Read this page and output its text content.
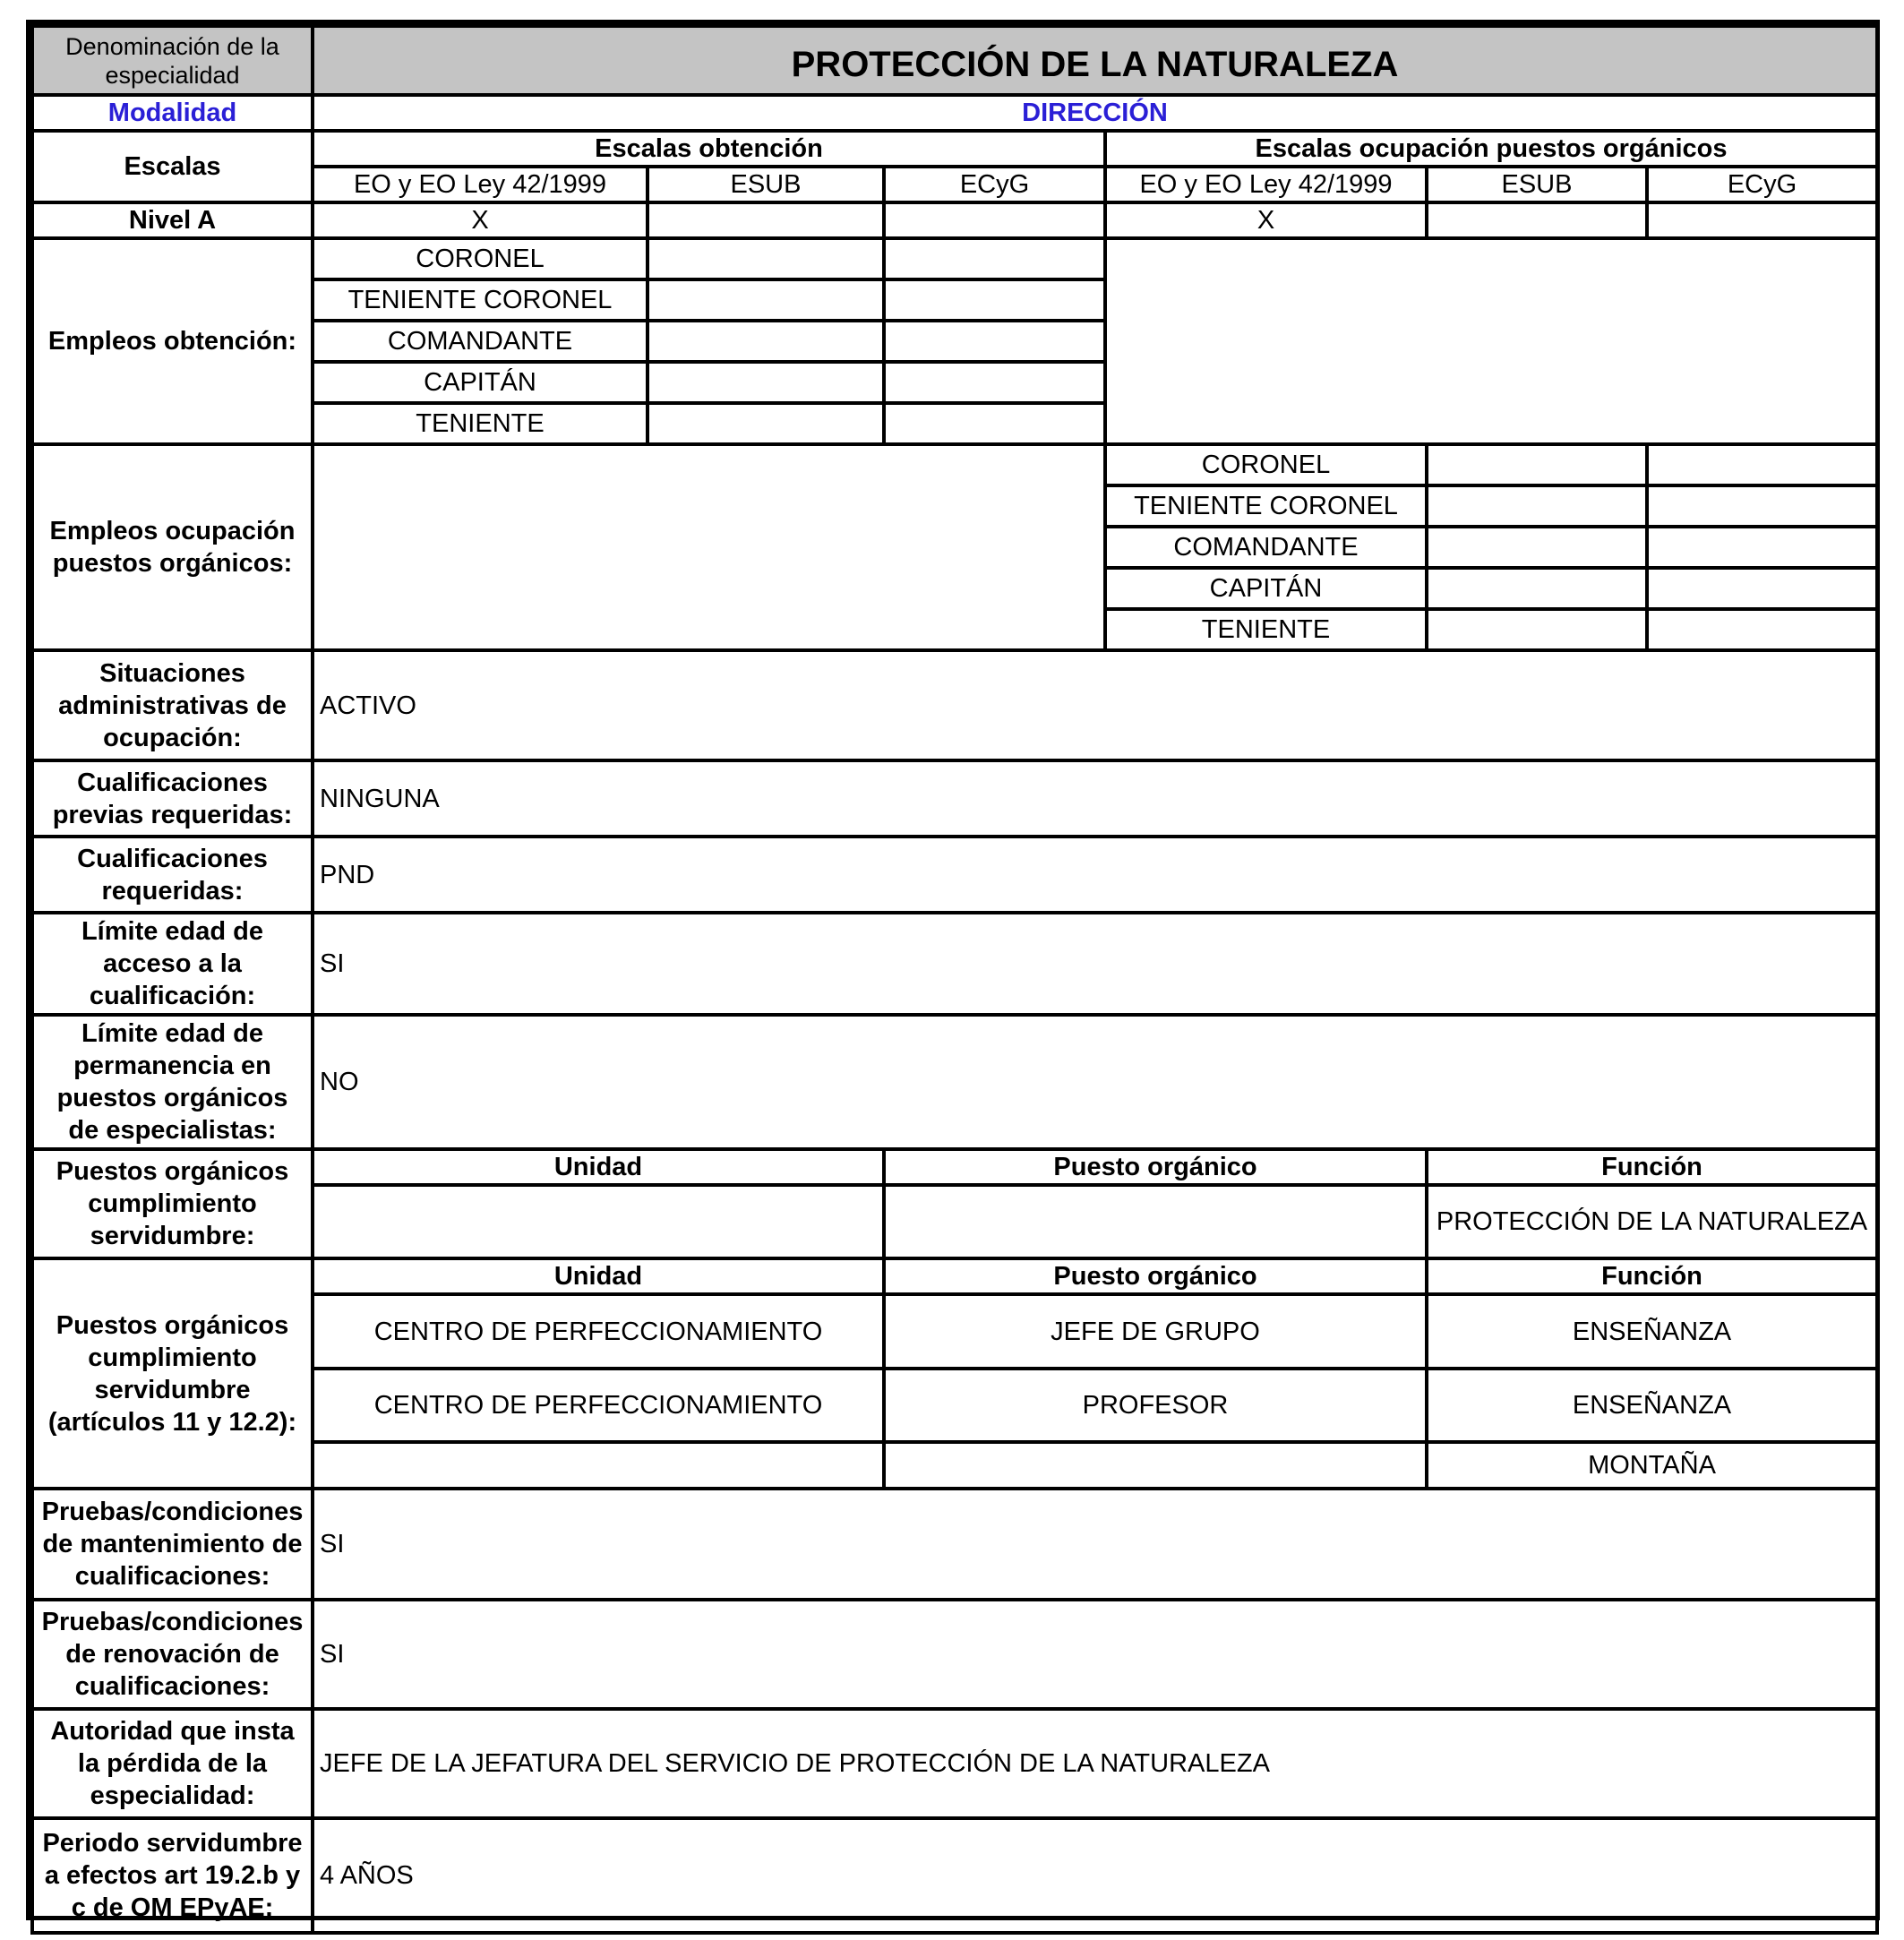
Denominación de la especialidad	PROTECCIÓN DE LA NATURALEZA					
Modalidad	DIRECCIÓN					
Escalas	Escalas obtención			Escalas ocupación puestos orgánicos		
	EO y EO Ley 42/1999	ESUB	ECyG	EO y EO Ley 42/1999	ESUB	ECyG
Nivel A	X			X		
Empleos obtención:	CORONEL					
	TENIENTE CORONEL					
	COMANDANTE					
	CAPITÁN					
	TENIENTE					
Empleos ocupación puestos orgánicos:				CORONEL		
				TENIENTE CORONEL		
				COMANDANTE		
				CAPITÁN		
				TENIENTE		
Situaciones administrativas de ocupación:	ACTIVO					
Cualificaciones previas requeridas:	NINGUNA					
Cualificaciones requeridas:	PND					
Límite edad de acceso a la cualificación:	SI					
Límite edad de permanencia en puestos orgánicos de especialistas:	NO					
Puestos orgánicos cumplimiento servidumbre:	Unidad		Puesto orgánico		Función	
					PROTECCIÓN DE LA NATURALEZA	
Puestos orgánicos cumplimiento servidumbre (artículos 11 y 12.2):	Unidad		Puesto orgánico		Función	
	CENTRO DE PERFECCIONAMIENTO		JEFE DE GRUPO		ENSEÑANZA	
	CENTRO DE PERFECCIONAMIENTO		PROFESOR		ENSEÑANZA	
					MONTAÑA	
Pruebas/condiciones de mantenimiento de cualificaciones:	SI					
Pruebas/condiciones de renovación de cualificaciones:	SI					
Autoridad que insta la pérdida de la especialidad:	JEFE DE LA JEFATURA DEL SERVICIO DE PROTECCIÓN DE LA NATURALEZA					
Periodo servidumbre a efectos art 19.2.b y c de OM EPyAE:	4 AÑOS					
